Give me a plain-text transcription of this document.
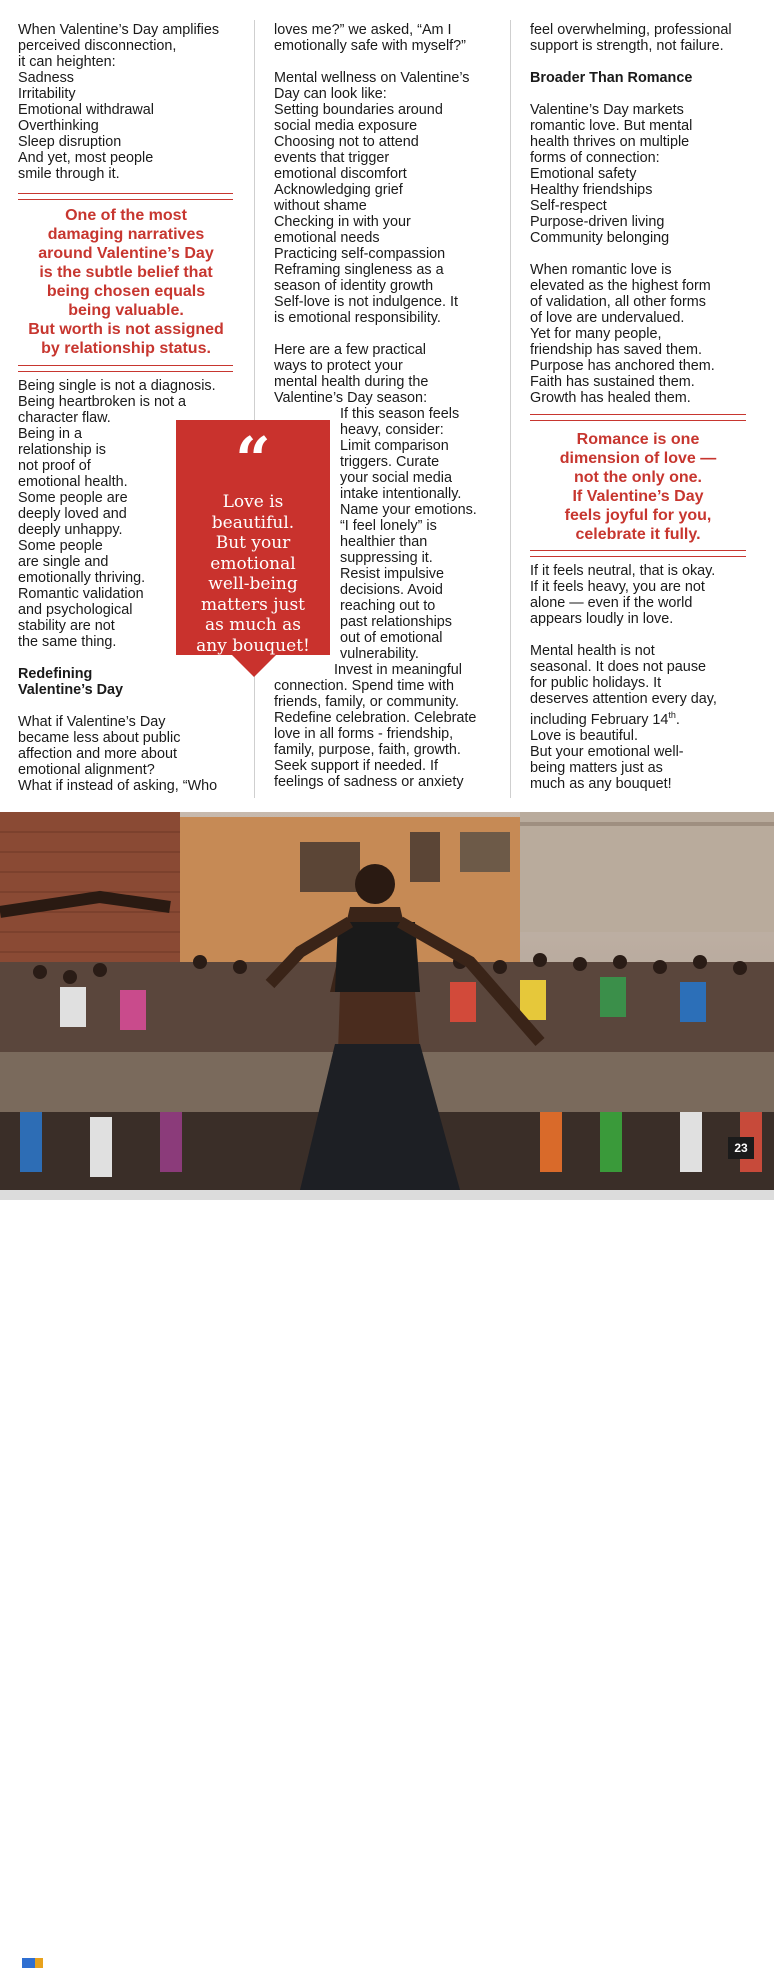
When Valentine’s Day amplifies
perceived disconnection,
it can heighten:
Sadness
Irritability
Emotional withdrawal
Overthinking
Sleep disruption
And yet, most people
smile through it.
One of the most
damaging narratives
around Valentine’s Day
is the subtle belief that
being chosen equals
being valuable.
But worth is not assigned
by relationship status.
Being single is not a diagnosis.
Being heartbroken is not a
character flaw.
Being in a
relationship is
not proof of
emotional health.
Some people are
deeply loved and
deeply unhappy.
Some people
are single and
emotionally thriving.
Romantic validation
and psychological
stability are not
the same thing.
Redefining
Valentine’s Day
What if Valentine’s Day
became less about public
affection and more about
emotional alignment?
What if instead of asking, “Who
loves me?” we asked, “Am I
emotionally safe with myself?”
Mental wellness on Valentine’s
Day can look like:
Setting boundaries around
social media exposure
Choosing not to attend
events that trigger
emotional discomfort
Acknowledging grief
without shame
Checking in with your
emotional needs
Practicing self-compassion
Reframing singleness as a
season of identity growth
Self-love is not indulgence. It
is emotional responsibility.
Here are a few practical
ways to protect your
mental health during the
Valentine’s Day season:
If this season feels
heavy, consider:
Limit comparison
triggers. Curate
your social media
intake intentionally.
Name your emotions.
“I feel lonely” is
healthier than
suppressing it.
Resist impulsive
decisions. Avoid
reaching out to
past relationships
out of emotional
vulnerability.
Invest in meaningful
connection. Spend time with
friends, family, or community.
Redefine celebration. Celebrate
love in all forms - friendship,
family, purpose, faith, growth.
Seek support if needed. If
feelings of sadness or anxiety
“
Love is
beautiful.
But your
emotional
well-being
matters just
as much as
any bouquet!
feel overwhelming, professional
support is strength, not failure.
Broader Than Romance
Valentine’s Day markets
romantic love. But mental
health thrives on multiple
forms of connection:
Emotional safety
Healthy friendships
Self-respect
Purpose-driven living
Community belonging
When romantic love is
elevated as the highest form
of validation, all other forms
of love are undervalued.
Yet for many people,
friendship has saved them.
Purpose has anchored them.
Faith has sustained them.
Growth has healed them.
Romance is one
dimension of love —
not the only one.
If Valentine’s Day
feels joyful for you,
celebrate it fully.
If it feels neutral, that is okay.
If it feels heavy, you are not
alone — even if the world
appears loudly in love.
Mental health is not
seasonal. It does not pause
for public holidays. It
deserves attention every day,
including February 14th.
Love is beautiful.
But your emotional well-
being matters just as
much as any bouquet!
NAALYA FOOD BULLETIN
23
